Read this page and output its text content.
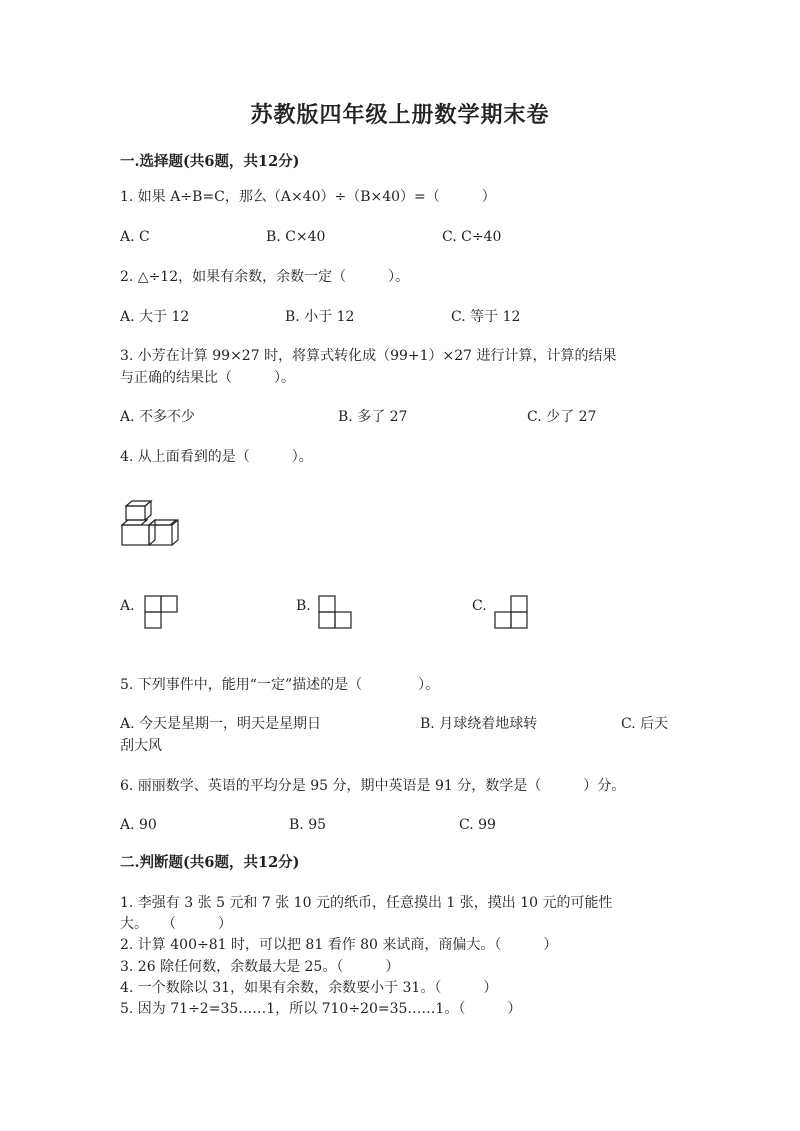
苏教版四年级上册数学期末卷
一.选择题(共6题，共12分)
1. 如果 A÷B=C，那么（A×40）÷（B×40）=（　　　）
A. C	B. C×40	C. C÷40
2. △÷12，如果有余数，余数一定（　　　）。
A. 大于 12	B. 小于 12	C. 等于 12
3. 小芳在计算 99×27 时，将算式转化成（99+1）×27 进行计算，计算的结果
与正确的结果比（　　　）。
A. 不多不少	B. 多了 27	C. 少了 27
4. 从上面看到的是（　　　）。
A.	B.	C.
5. 下列事件中，能用“一定”描述的是（　　　　）。
A. 今天是星期一，明天是星期日	B. 月球绕着地球转	C. 后天
刮大风
6. 丽丽数学、英语的平均分是 95 分，期中英语是 91 分，数学是（　　　）分。
A. 90	B. 95	C. 99
二.判断题(共6题，共12分)
1. 李强有 3 张 5 元和 7 张 10 元的纸币，任意摸出 1 张，摸出 10 元的可能性
大。　　（　　　）
2. 计算 400÷81 时，可以把 81 看作 80 来试商，商偏大。（　　　）
3. 26 除任何数，余数最大是 25。（　　　）
4. 一个数除以 31，如果有余数，余数要小于 31。（　　　）
5. 因为 71÷2=35……1，所以 710÷20=35……1。（　　　）
